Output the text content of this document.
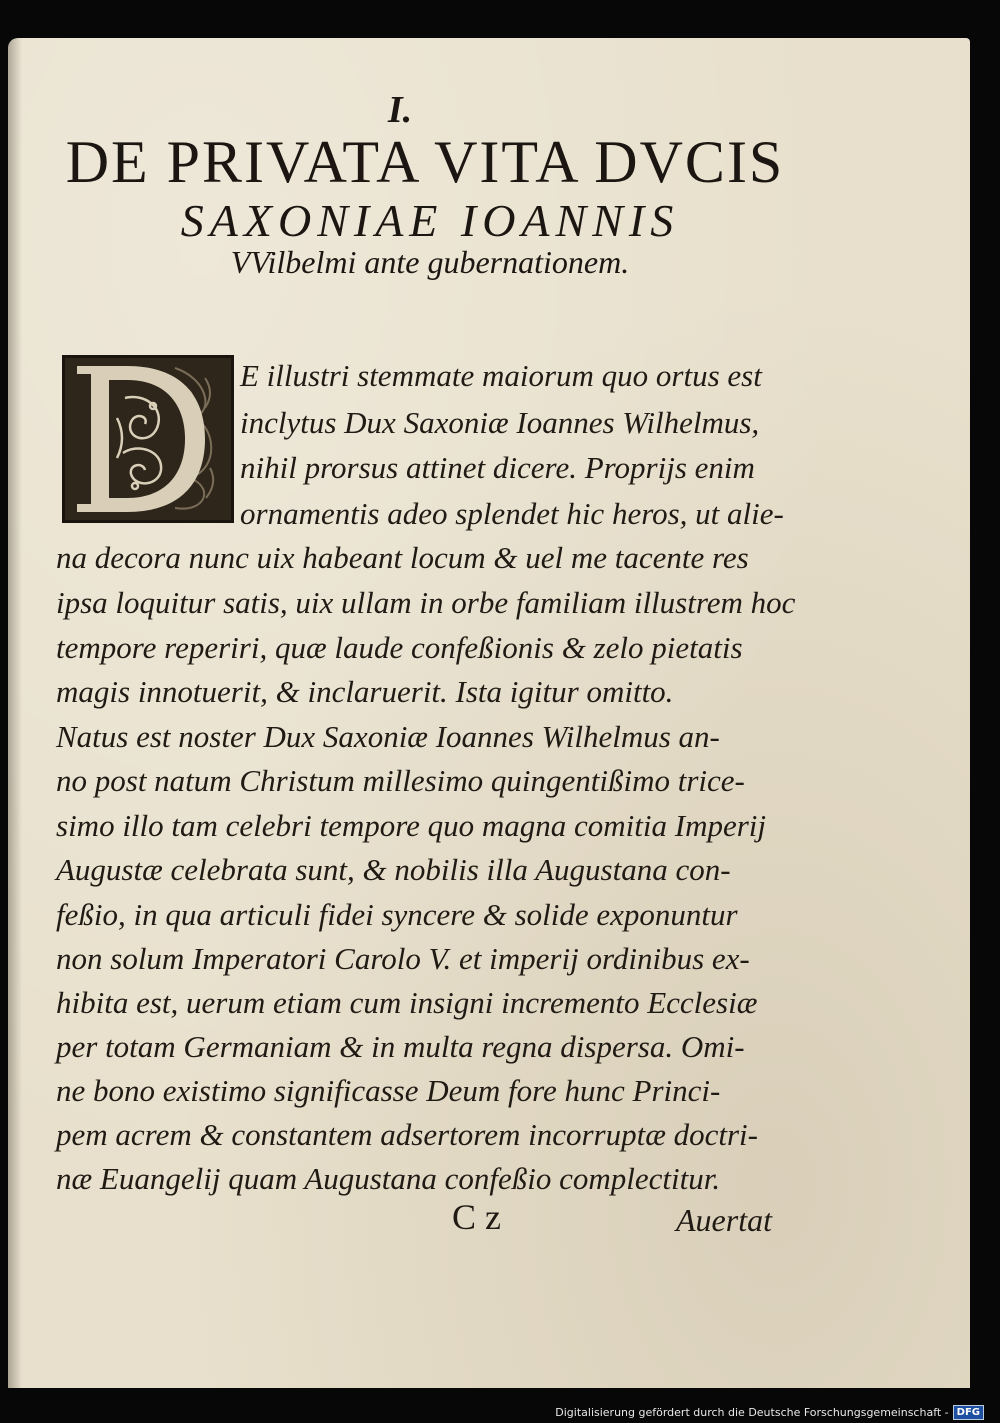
I.
DE PRIVATA VITA DVCIS
SAXONIAE IOANNIS
VVilbelmi ante gubernationem.
E illustri stemmate maiorum quo ortus est
inclytus Dux Saxoniæ Ioannes Wilhelmus,
nihil prorsus attinet dicere. Proprijs enim
ornamentis adeo splendet hic heros, ut alie-
na decora nunc uix habeant locum & uel me tacente res
ipsa loquitur satis, uix ullam in orbe familiam illustrem hoc
tempore reperiri, quæ laude confeßionis & zelo pietatis
magis innotuerit, & inclaruerit. Ista igitur omitto.
Natus est noster Dux Saxoniæ Ioannes Wilhelmus an-
no post natum Christum millesimo quingentißimo trice-
simo illo tam celebri tempore quo magna comitia Imperij
Augustæ celebrata sunt, & nobilis illa Augustana con-
feßio, in qua articuli fidei syncere & solide exponuntur
non solum Imperatori Carolo V. et imperij ordinibus ex-
hibita est, uerum etiam cum insigni incremento Ecclesiæ
per totam Germaniam & in multa regna dispersa. Omi-
ne bono existimo significasse Deum fore hunc Princi-
pem acrem & constantem adsertorem incorruptæ doctri-
næ Euangelij quam Augustana confeßio complectitur.
C z	Auertat
Digitalisierung gefördert durch die Deutsche Forschungsgemeinschaft - DFG
